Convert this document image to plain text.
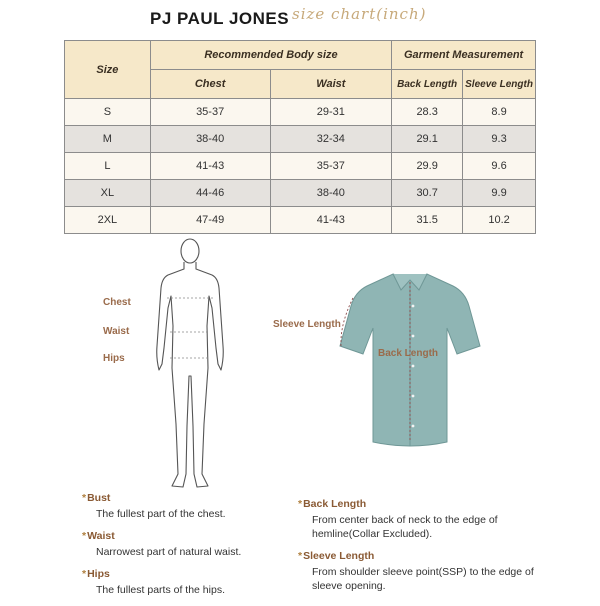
PJ PAUL JONES size chart(inch)
Size	Recommended Body size		Garment Measurement	
	Chest	Waist	Back Length	Sleeve Length
S	35-37	29-31	28.3	8.9
M	38-40	32-34	29.1	9.3
L	41-43	35-37	29.9	9.6
XL	44-46	38-40	30.7	9.9
2XL	47-49	41-43	31.5	10.2
Chest
Waist
Hips
Sleeve Length
Back Length
*Bust
The fullest part of the chest.
*Waist
Narrowest part of natural waist.
*Hips
The fullest parts of the hips.
*Back Length
From center back of neck to the edge of hemline(Collar Excluded).
*Sleeve Length
From shoulder sleeve point(SSP) to the edge of sleeve opening.
